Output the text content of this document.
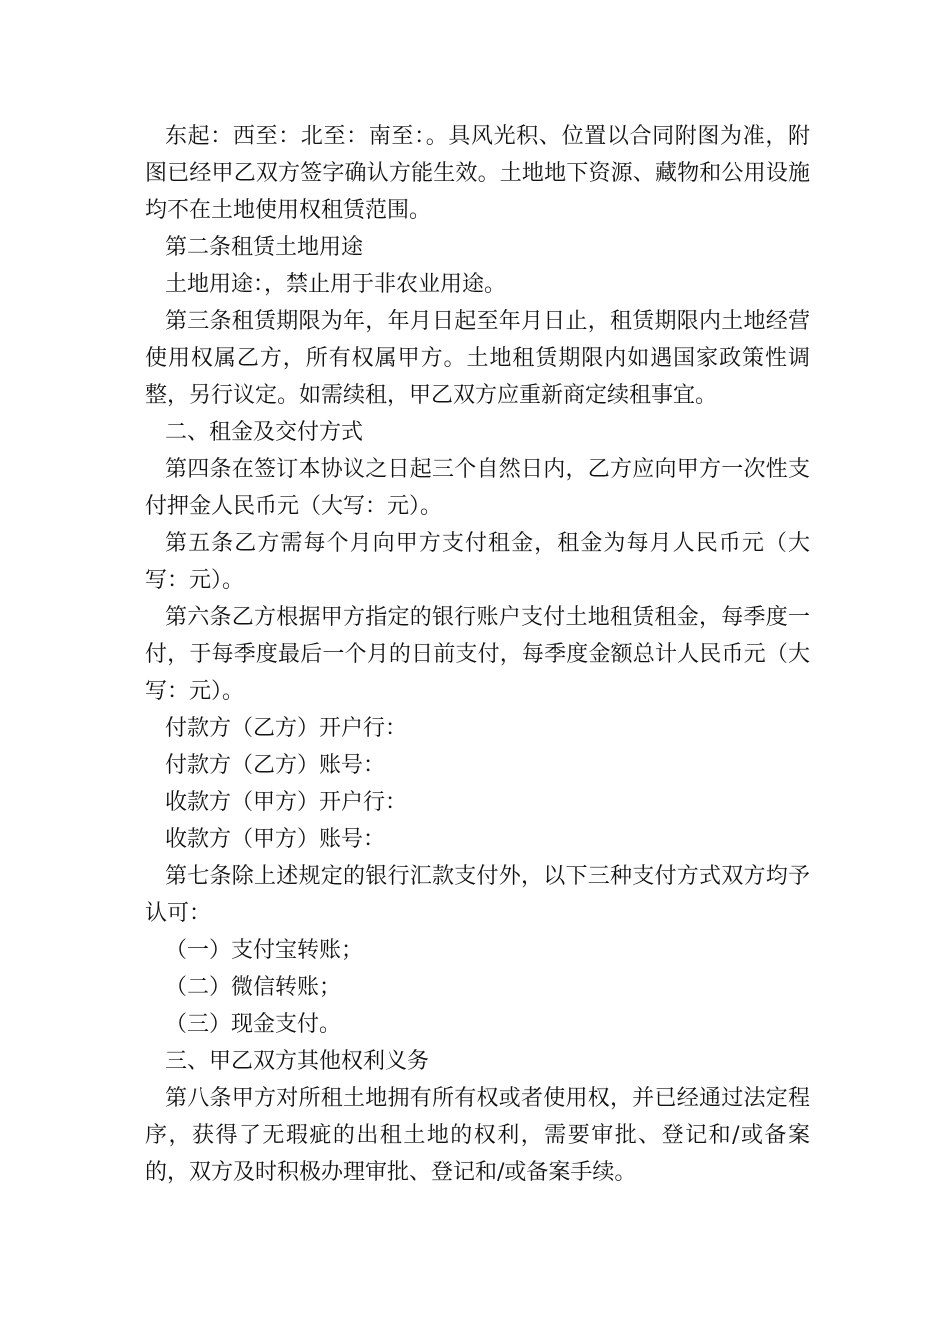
东起：西至：北至：南至：。具风光积、位置以合同附图为准，附图已经甲乙双方签字确认方能生效。土地地下资源、藏物和公用设施均不在土地使用权租赁范围。

第二条租赁土地用途

土地用途：，禁止用于非农业用途。

第三条租赁期限为年，年月日起至年月日止，租赁期限内土地经营使用权属乙方，所有权属甲方。土地租赁期限内如遇国家政策性调整，另行议定。如需续租，甲乙双方应重新商定续租事宜。

二、租金及交付方式

第四条在签订本协议之日起三个自然日内，乙方应向甲方一次性支付押金人民币元（大写：元）。

第五条乙方需每个月向甲方支付租金，租金为每月人民币元（大写：元）。

第六条乙方根据甲方指定的银行账户支付土地租赁租金，每季度一付，于每季度最后一个月的日前支付，每季度金额总计人民币元（大写：元）。

付款方（乙方）开户行：

付款方（乙方）账号：

收款方（甲方）开户行：

收款方（甲方）账号：

第七条除上述规定的银行汇款支付外，以下三种支付方式双方均予认可：

（一）支付宝转账；

（二）微信转账；

（三）现金支付。

三、甲乙双方其他权利义务

第八条甲方对所租土地拥有所有权或者使用权，并已经通过法定程序，获得了无瑕疵的出租土地的权利，需要审批、登记和/或备案的，双方及时积极办理审批、登记和/或备案手续。
